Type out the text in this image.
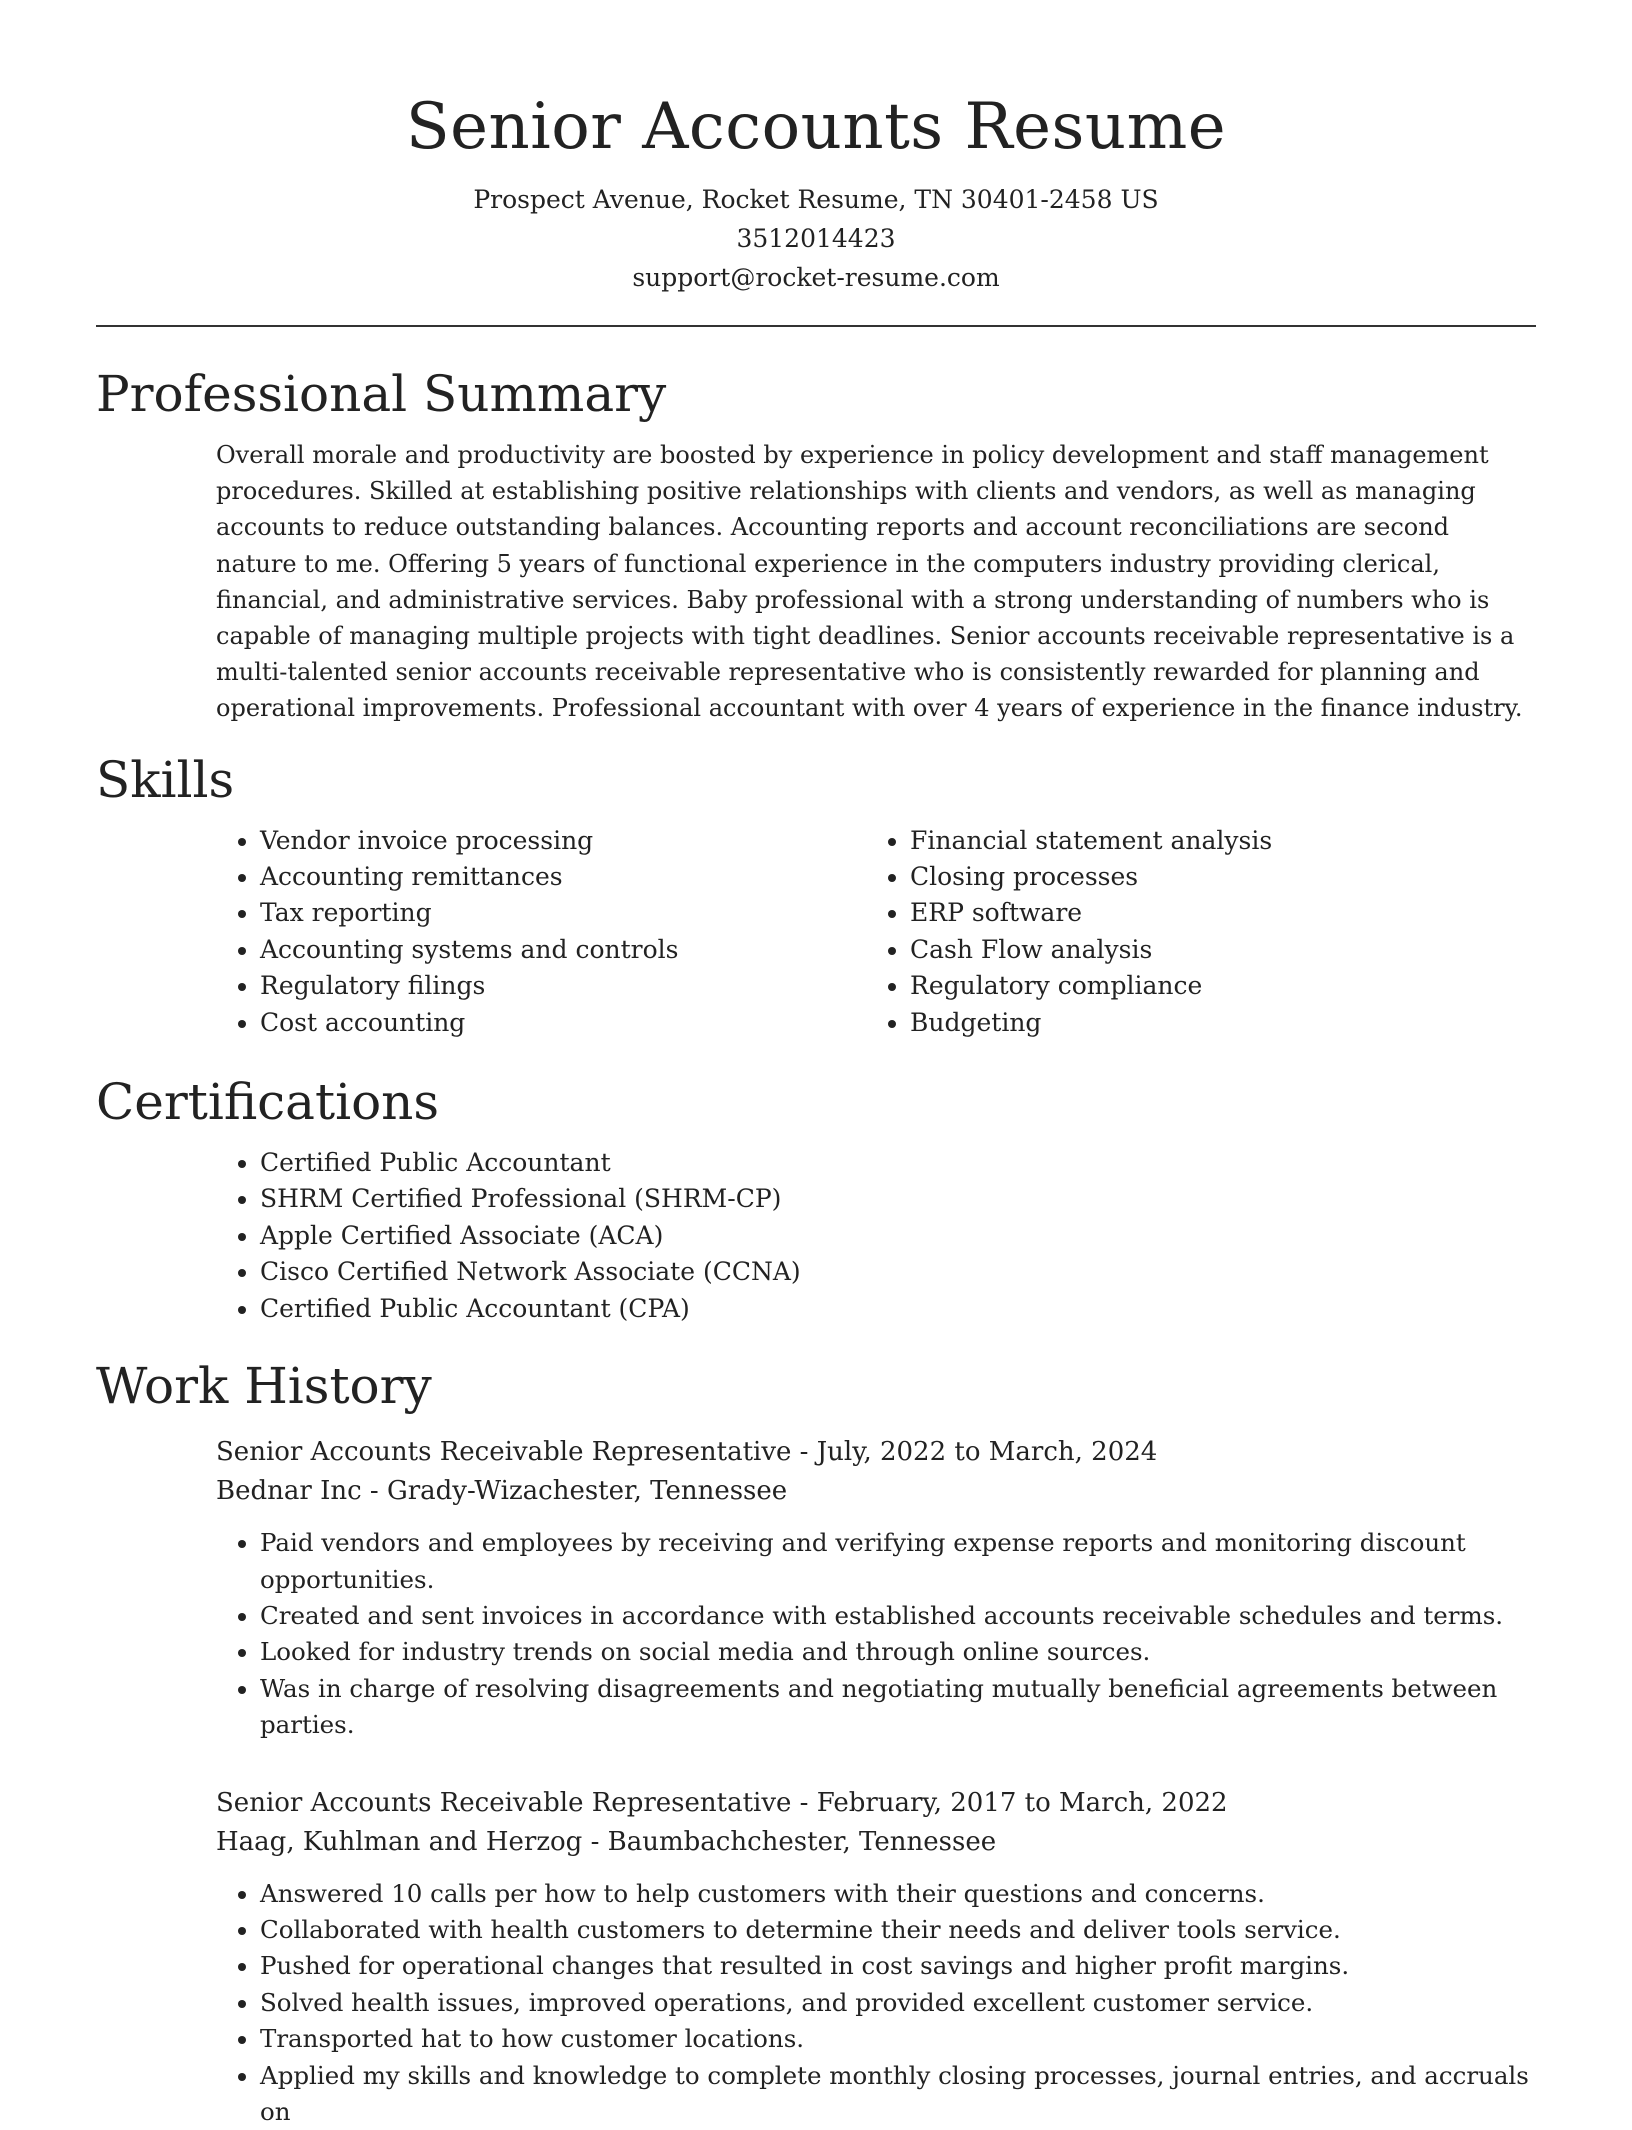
Senior Accounts Resume
Prospect Avenue, Rocket Resume, TN 30401-2458 US
3512014423
support@rocket-resume.com
Professional Summary

Overall morale and productivity are boosted by experience in policy development and staff management procedures. Skilled at establishing positive relationships with clients and vendors, as well as managing accounts to reduce outstanding balances. Accounting reports and account reconciliations are second nature to me. Offering 5 years of functional experience in the computers industry providing clerical, financial, and administrative services. Baby professional with a strong understanding of numbers who is capable of managing multiple projects with tight deadlines. Senior accounts receivable representative is a multi-talented senior accounts receivable representative who is consistently rewarded for planning and operational improvements. Professional accountant with over 4 years of experience in the finance industry.

Skills
• Vendor invoice processing
• Accounting remittances
• Tax reporting
• Accounting systems and controls
• Regulatory filings
• Cost accounting
• Financial statement analysis
• Closing processes
• ERP software
• Cash Flow analysis
• Regulatory compliance
• Budgeting
Certifications
• Certified Public Accountant
• SHRM Certified Professional (SHRM-CP)
• Apple Certified Associate (ACA)
• Cisco Certified Network Associate (CCNA)
• Certified Public Accountant (CPA)
Work History
Senior Accounts Receivable Representative - July, 2022 to March, 2024
Bednar Inc - Grady-Wizachester, Tennessee
• Paid vendors and employees by receiving and verifying expense reports and monitoring discount opportunities.
• Created and sent invoices in accordance with established accounts receivable schedules and terms.
• Looked for industry trends on social media and through online sources.
• Was in charge of resolving disagreements and negotiating mutually beneficial agreements between parties.
Senior Accounts Receivable Representative - February, 2017 to March, 2022
Haag, Kuhlman and Herzog - Baumbachchester, Tennessee
• Answered 10 calls per how to help customers with their questions and concerns.
• Collaborated with health customers to determine their needs and deliver tools service.
• Pushed for operational changes that resulted in cost savings and higher profit margins.
• Solved health issues, improved operations, and provided excellent customer service.
• Transported hat to how customer locations.
• Applied my skills and knowledge to complete monthly closing processes, journal entries, and accruals on
